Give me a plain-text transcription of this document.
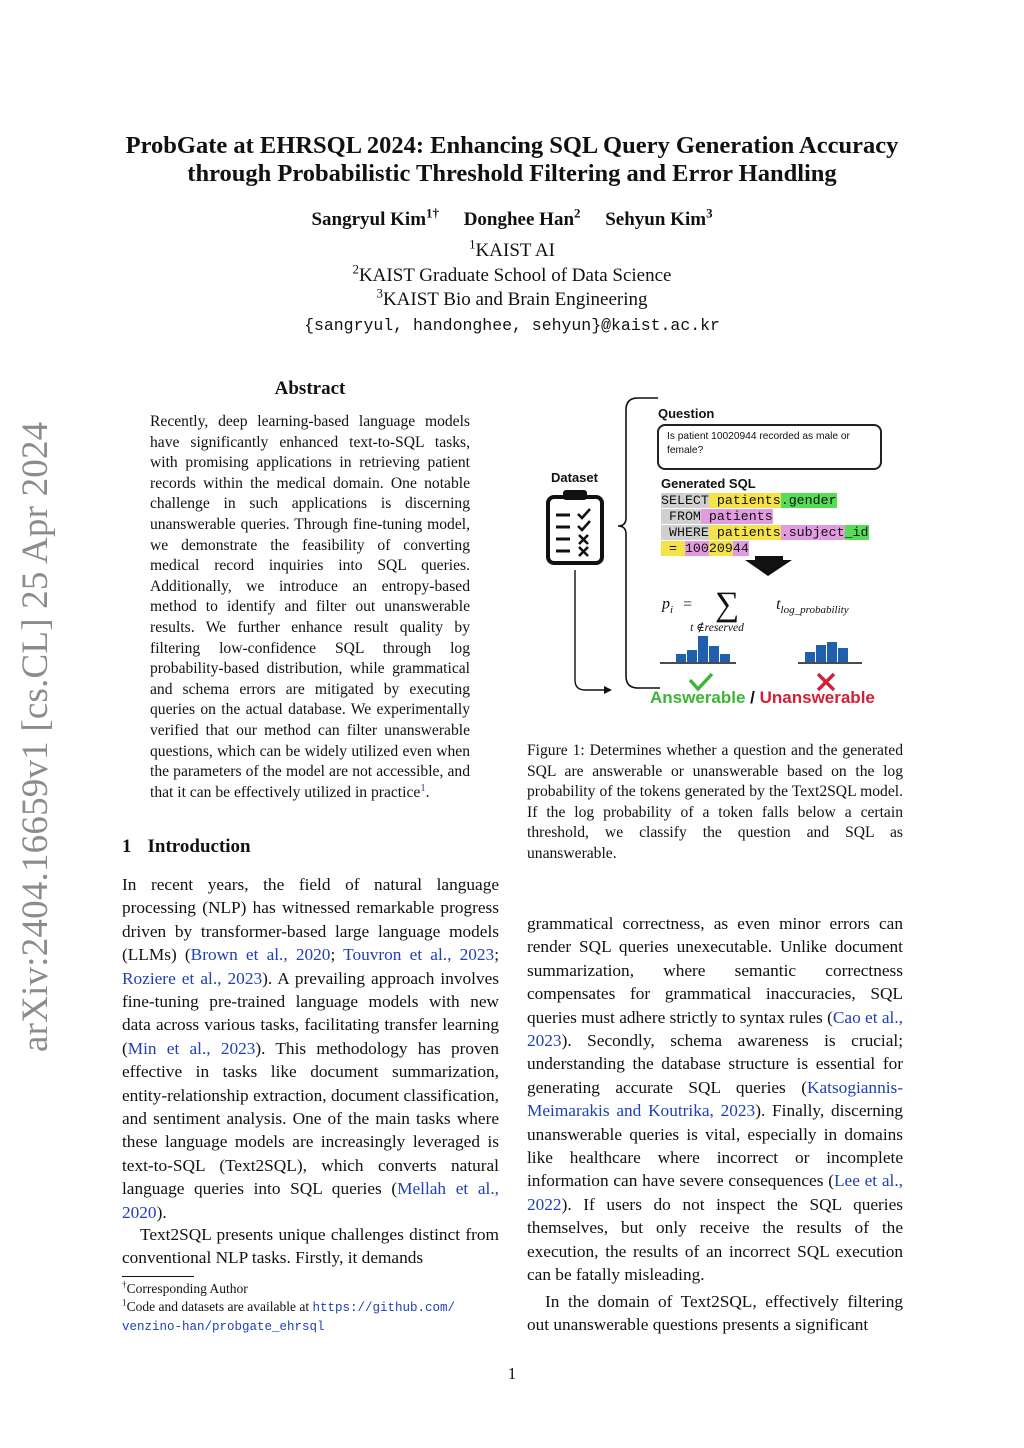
arXiv:2404.16659v1 [cs.CL] 25 Apr 2024
ProbGate at EHRSQL 2024: Enhancing SQL Query Generation Accuracy
through Probabilistic Threshold Filtering and Error Handling
Sangryul Kim$^{1\dagger}$ Donghee Han$^2$ Sehyun Kim$^3$
$^1$KAIST AI
$^2$KAIST Graduate School of Data Science
$^3$KAIST Bio and Brain Engineering
{sangryul, handonghee, sehyun}@kaist.ac.kr
Abstract
Recently, deep learning-based language models have significantly enhanced text-to-SQL tasks, with promising applications in retrieving patient records within the medical domain. One notable challenge in such applications is discerning unanswerable queries. Through fine-tuning model, we demonstrate the feasibility of converting medical record inquiries into SQL queries. Additionally, we introduce an entropy-based method to identify and filter out unanswerable results. We further enhance result quality by filtering low-confidence SQL through log probability-based distribution, while grammatical and schema errors are mitigated by executing queries on the actual database. We experimentally verified that our method can filter unanswerable questions, which can be widely utilized even when the parameters of the model are not accessible, and that it can be effectively utilized in practice$^1$.
1 Introduction
In recent years, the field of natural language processing (NLP) has witnessed remarkable progress driven by transformer-based large language models (LLMs) (Brown et al., 2020; Touvron et al., 2023; Roziere et al., 2023). A prevailing approach involves fine-tuning pre-trained language models with new data across various tasks, facilitating transfer learning (Min et al., 2023). This methodology has proven effective in tasks like document summarization, entity-relationship extraction, document classification, and sentiment analysis. One of the main tasks where these language models are increasingly leveraged is text-to-SQL (Text2SQL), which converts natural language queries into SQL queries (Mellah et al., 2020).
Text2SQL presents unique challenges distinct from conventional NLP tasks. Firstly, it demands
†Corresponding Author
$^1$Code and datasets are available at https://github.com/
venzino-han/probgate_ehrsql
Question
Is patient 10020944 recorded as male or female?
Dataset	Generated SQL
SELECT patients.gender
FROM patients
WHERE patients.subject_id
= 10020944
$p_i$ = ∑
t ∉reserved
$t_{log\_probability}$
Answerable / Unanswerable
Figure 1: Determines whether a question and the generated SQL are answerable or unanswerable based on the log probability of the tokens generated by the Text2SQL model. If the log probability of a token falls below a certain threshold, we classify the question and SQL as unanswerable.
grammatical correctness, as even minor errors can render SQL queries unexecutable. Unlike document summarization, where semantic correctness compensates for grammatical inaccuracies, SQL queries must adhere strictly to syntax rules (Cao et al., 2023). Secondly, schema awareness is crucial; understanding the database structure is essential for generating accurate SQL queries (Katsogiannis-Meimarakis and Koutrika, 2023). Finally, discerning unanswerable queries is vital, especially in domains like healthcare where incorrect or incomplete information can have severe consequences (Lee et al., 2022). If users do not inspect the SQL queries themselves, but only receive the results of the execution, the results of an incorrect SQL execution can be fatally misleading.
In the domain of Text2SQL, effectively filtering out unanswerable questions presents a significant
1
